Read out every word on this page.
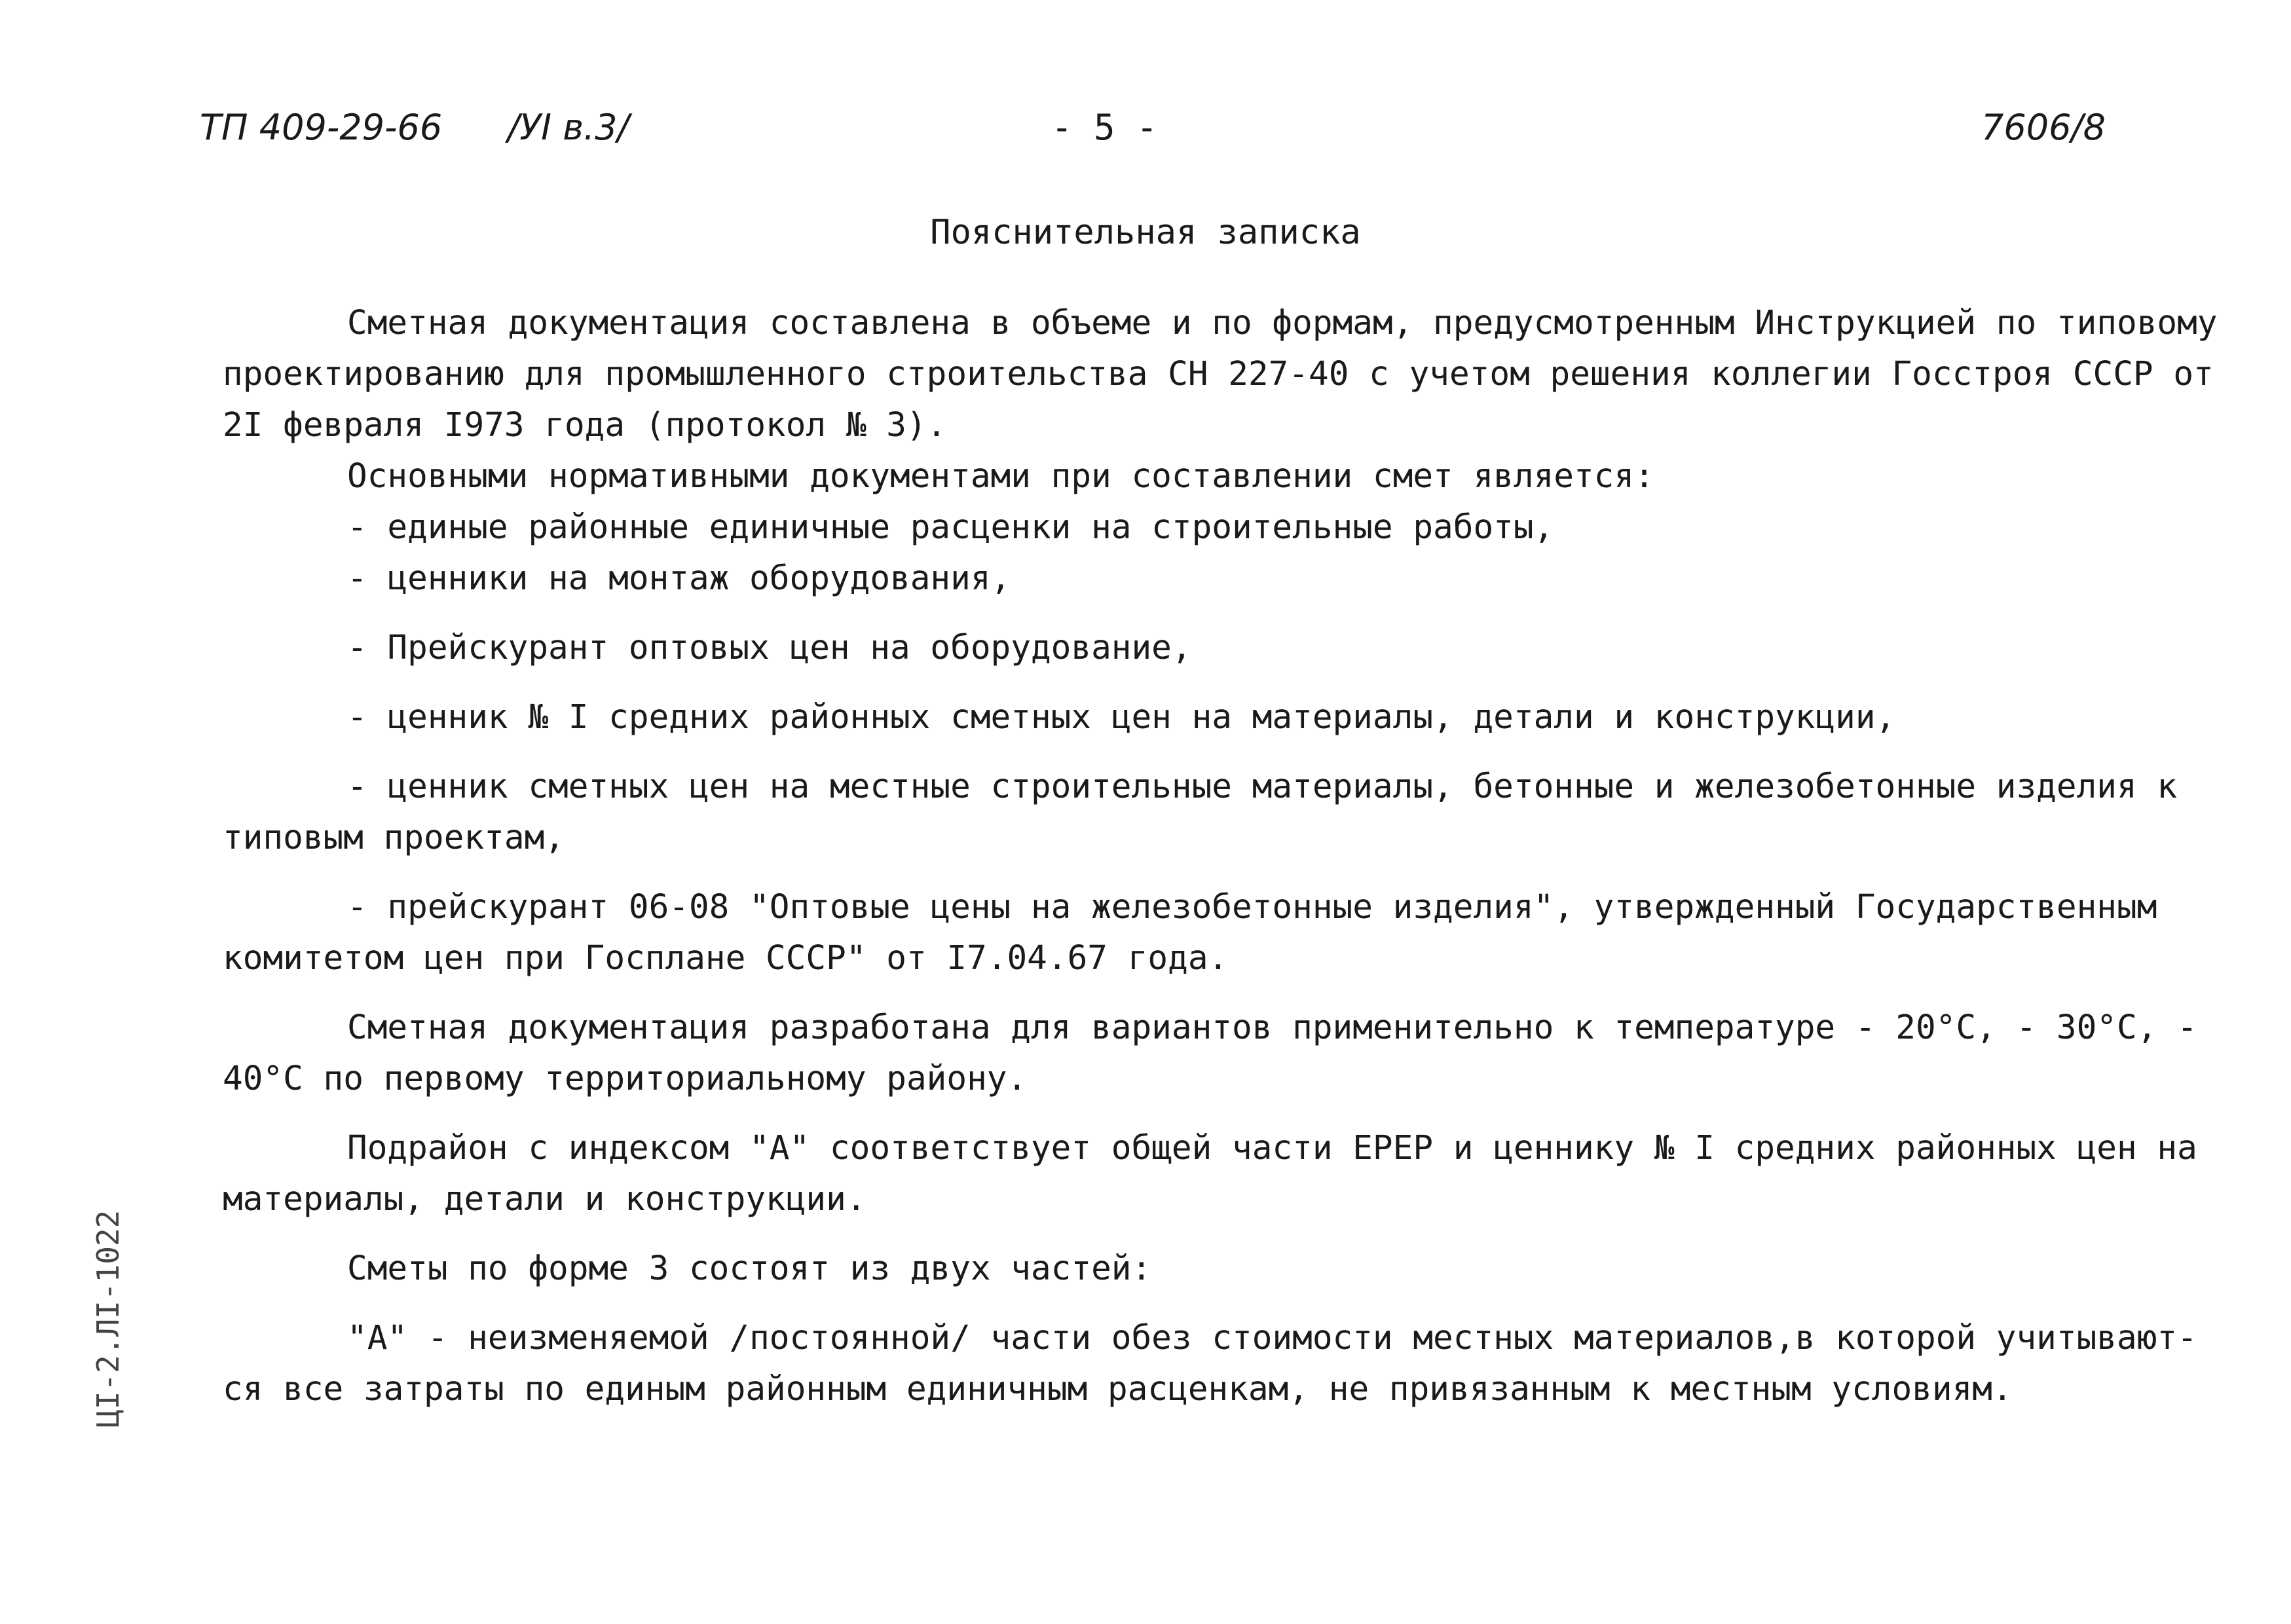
ТП 409-29-66 /УI в.3/	- 5 -	7606/8
Пояснительная записка

Сметная документация составлена в объеме и по формам, предусмотренным Инструкцией по типовому проектированию для промышленного строительства СН 227-40 с учетом решения коллегии Госстроя СССР от 2I февраля I973 года (протокол № 3).

Основными нормативными документами при составлении смет является:

- единые районные единичные расценки на строительные работы,

- ценники на монтаж оборудования,

- Прейскурант оптовых цен на оборудование,

- ценник № I средних районных сметных цен на материалы, детали и конструкции,

- ценник сметных цен на местные строительные материалы, бетонные и железобетонные изделия к типовым проектам,

- прейскурант 06-08 "Оптовые цены на железобетонные изделия", утвержденный Государственным комитетом цен при Госплане СССР" от I7.04.67 года.

Сметная документация разработана для вариантов применительно к температуре - 20°С, - 30°С, - 40°С по первому территориальному району.

Подрайон с индексом "А" соответствует общей части ЕРЕР и ценнику № I средних районных цен на материалы, детали и конструкции.

Сметы по форме 3 состоят из двух частей:

"А" - неизменяемой /постоянной/ части обез стоимости местных материалов,в которой учитывают- ся все затраты по единым районным единичным расценкам, не привязанным к местным условиям.

ЦI-2.ЛI-1022
